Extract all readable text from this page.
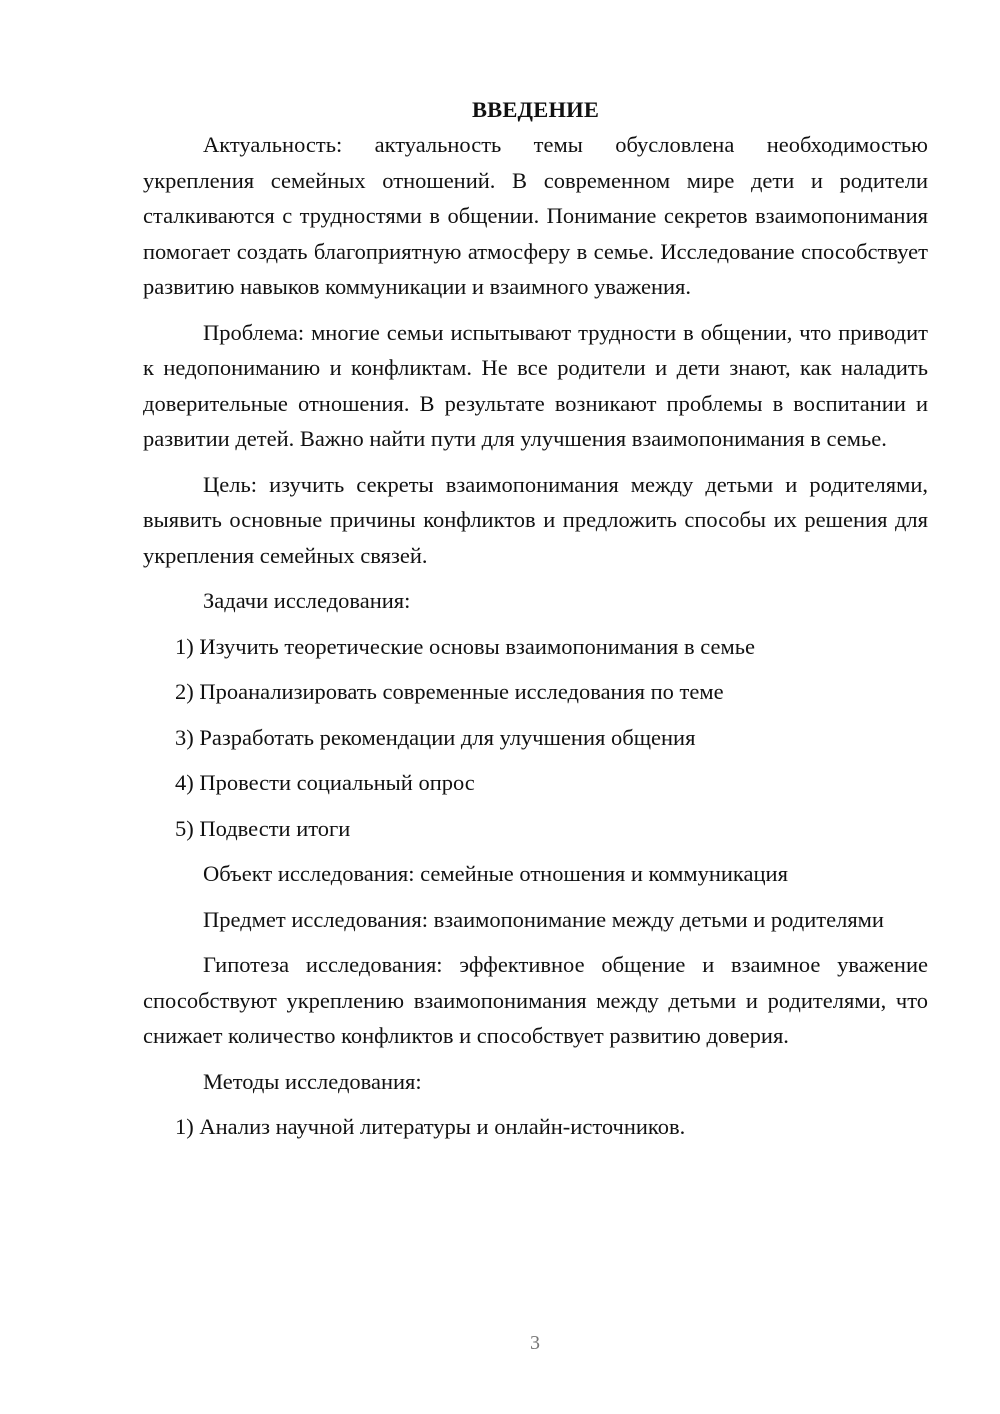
ВВЕДЕНИЕ

Актуальность: актуальность темы обусловлена необходимостью укрепления семейных отношений. В современном мире дети и родители сталкиваются с трудностями в общении. Понимание секретов взаимопонимания помогает создать благоприятную атмосферу в семье. Исследование способствует развитию навыков коммуникации и взаимного уважения.

Проблема: многие семьи испытывают трудности в общении, что приводит к недопониманию и конфликтам. Не все родители и дети знают, как наладить доверительные отношения. В результате возникают проблемы в воспитании и развитии детей. Важно найти пути для улучшения взаимопонимания в семье.

Цель: изучить секреты взаимопонимания между детьми и родителями, выявить основные причины конфликтов и предложить способы их решения для укрепления семейных связей.

Задачи исследования:

1) Изучить теоретические основы взаимопонимания в семье
2) Проанализировать современные исследования по теме
3) Разработать рекомендации для улучшения общения
4) Провести социальный опрос
5) Подвести итоги

Объект исследования: семейные отношения и коммуникация

Предмет исследования: взаимопонимание между детьми и родителями

Гипотеза исследования: эффективное общение и взаимное уважение способствуют укреплению взаимопонимания между детьми и родителями, что снижает количество конфликтов и способствует развитию доверия.

Методы исследования:

1) Анализ научной литературы и онлайн-источников.
3
